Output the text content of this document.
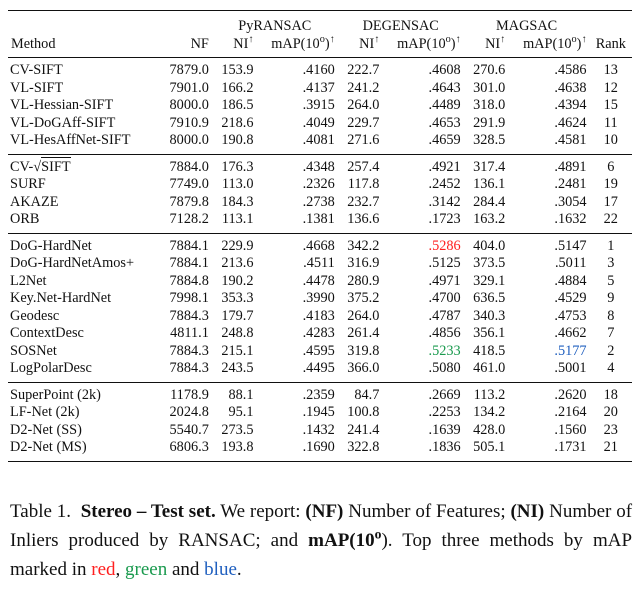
		PyRANSAC		DEGENSAC		MAGSAC		
Method	NF	NI↑	mAP(10$^o$)↑	NI↑	mAP(10$^o$)↑	NI↑	mAP(10$^o$)↑	Rank
CV-SIFT	7879.0	153.9	.4160	222.7	.4608	270.6	.4586	13
VL-SIFT	7901.0	166.2	.4137	241.2	.4643	301.0	.4638	12
VL-Hessian-SIFT	8000.0	186.5	.3915	264.0	.4489	318.0	.4394	15
VL-DoGAff-SIFT	7910.9	218.6	.4049	229.7	.4653	291.9	.4624	11
VL-HesAffNet-SIFT	8000.0	190.8	.4081	271.6	.4659	328.5	.4581	10
CV-√SIFT	7884.0	176.3	.4348	257.4	.4921	317.4	.4891	6
SURF	7749.0	113.0	.2326	117.8	.2452	136.1	.2481	19
AKAZE	7879.8	184.3	.2738	232.7	.3142	284.4	.3054	17
ORB	7128.2	113.1	.1381	136.6	.1723	163.2	.1632	22
DoG-HardNet	7884.1	229.9	.4668	342.2	.5286	404.0	.5147	1
DoG-HardNetAmos+	7884.1	213.6	.4511	316.9	.5125	373.5	.5011	3
L2Net	7884.8	190.2	.4478	280.9	.4971	329.1	.4884	5
Key.Net-HardNet	7998.1	353.3	.3990	375.2	.4700	636.5	.4529	9
Geodesc	7884.3	179.7	.4183	264.0	.4787	340.3	.4753	8
ContextDesc	4811.1	248.8	.4283	261.4	.4856	356.1	.4662	7
SOSNet	7884.3	215.1	.4595	319.8	.5233	418.5	.5177	2
LogPolarDesc	7884.3	243.5	.4495	366.0	.5080	461.0	.5001	4
SuperPoint (2k)	1178.9	88.1	.2359	84.7	.2669	113.2	.2620	18
LF-Net (2k)	2024.8	95.1	.1945	100.8	.2253	134.2	.2164	20
D2-Net (SS)	5540.7	273.5	.1432	241.4	.1639	428.0	.1560	23
D2-Net (MS)	6806.3	193.8	.1690	322.8	.1836	505.1	.1731	21
Table 1. Stereo – Test set. We report: (NF) Number of Features; (NI) Number of Inliers produced by RANSAC; and mAP(10$^o$). Top three methods by mAP marked in red, green and blue.
